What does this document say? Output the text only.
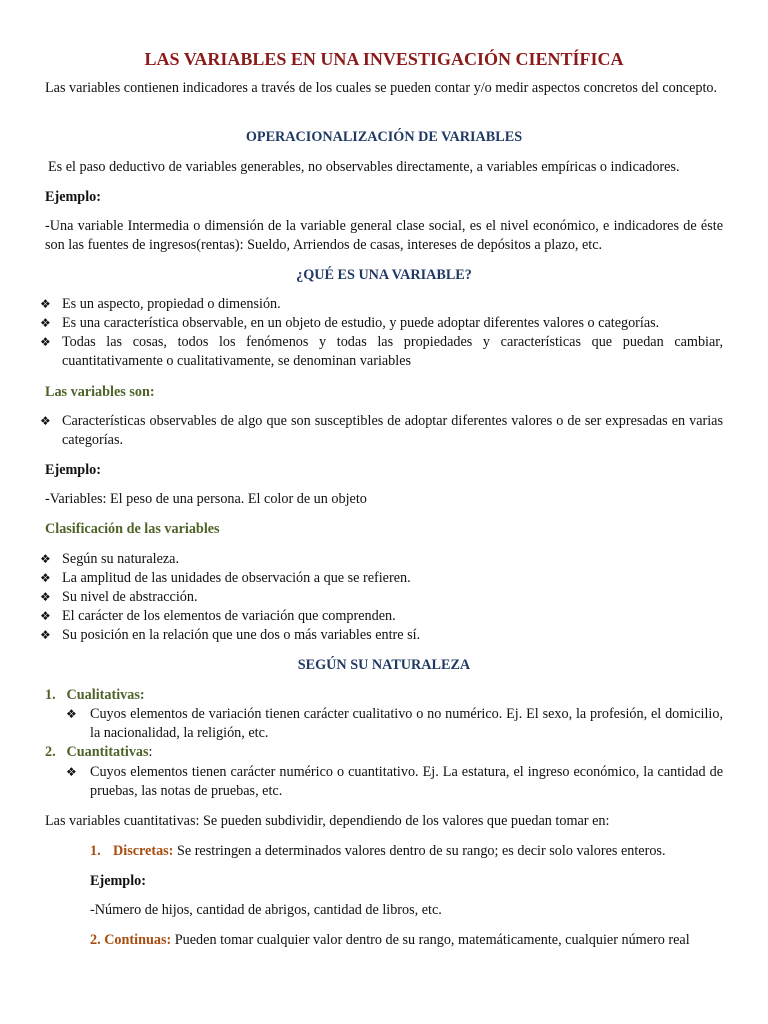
LAS VARIABLES EN UNA INVESTIGACIÓN CIENTÍFICA
Las variables contienen indicadores a través de los cuales se pueden contar y/o medir aspectos concretos del concepto.
OPERACIONALIZACIÓN DE VARIABLES
Es el paso deductivo de variables generables, no observables directamente, a variables empíricas o indicadores.
Ejemplo:
-Una variable Intermedia o dimensión de la variable general clase social, es el nivel económico, e indicadores de éste son las fuentes de ingresos(rentas): Sueldo, Arriendos de casas, intereses de depósitos a plazo, etc.
¿QUÉ ES UNA VARIABLE?
❖ Es un aspecto, propiedad o dimensión.
❖ Es una característica observable, en un objeto de estudio, y puede adoptar diferentes valores o categorías.
❖ Todas las cosas, todos los fenómenos y todas las propiedades y características que puedan cambiar, cuantitativamente o cualitativamente, se denominan variables
Las variables son:
❖ Características observables de algo que son susceptibles de adoptar diferentes valores o de ser expresadas en varias categorías.
Ejemplo:
-Variables: El peso de una persona. El color de un objeto
Clasificación de las variables
❖ Según su naturaleza.
❖ La amplitud de las unidades de observación a que se refieren.
❖ Su nivel de abstracción.
❖ El carácter de los elementos de variación que comprenden.
❖ Su posición en la relación que une dos o más variables entre sí.
SEGÚN SU NATURALEZA
1. Cualitativas:
❖ Cuyos elementos de variación tienen carácter cualitativo o no numérico. Ej. El sexo, la profesión, el domicilio, la nacionalidad, la religión, etc.
2. Cuantitativas:
❖ Cuyos elementos tienen carácter numérico o cuantitativo. Ej. La estatura, el ingreso económico, la cantidad de pruebas, las notas de pruebas, etc.
Las variables cuantitativas: Se pueden subdividir, dependiendo de los valores que puedan tomar en:
1. Discretas: Se restringen a determinados valores dentro de su rango; es decir solo valores enteros.
Ejemplo:
-Número de hijos, cantidad de abrigos, cantidad de libros, etc.
2. Continuas: Pueden tomar cualquier valor dentro de su rango, matemáticamente, cualquier número real
